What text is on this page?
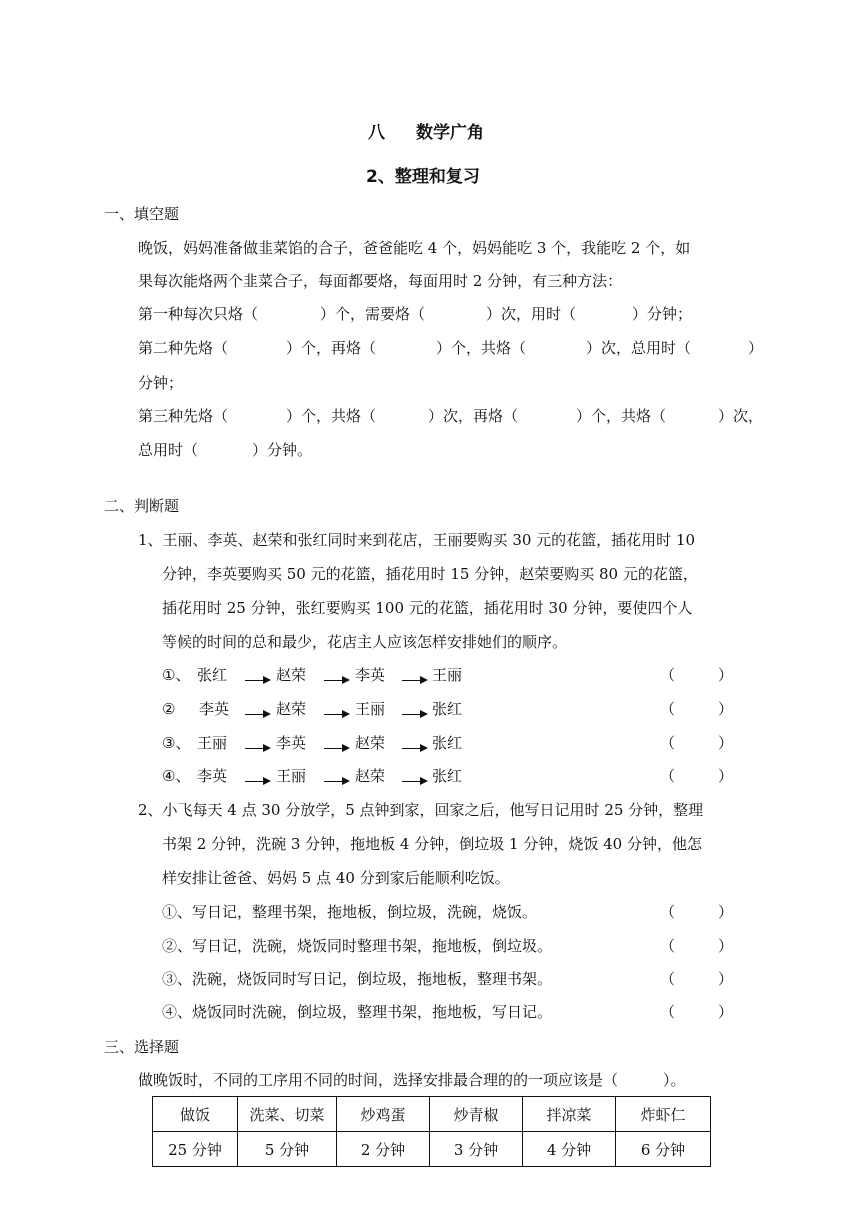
八 数学广角
2、整理和复习
一、填空题
晚饭，妈妈准备做韭菜馅的合子，爸爸能吃 4 个，妈妈能吃 3 个，我能吃 2 个，如
果每次能烙两个韭菜合子，每面都要烙，每面用时 2 分钟，有三种方法：
第一种每次只烙（	）个，需要烙（	）次，用时（	）分钟；
第二种先烙（	）个，再烙（	）个，共烙（	）次，总用时（	）
分钟；
第三种先烙（	）个，共烙（	）次，再烙（	）个，共烙（	）次，
总用时（	）分钟。
二、判断题
1、王丽、李英、赵荣和张红同时来到花店，王丽要购买 30 元的花篮，插花用时 10
分钟，李英要购买 50 元的花篮，插花用时 15 分钟，赵荣要购买 80 元的花篮，
插花用时 25 分钟，张红要购买 100 元的花篮，插花用时 30 分钟，要使四个人
等候的时间的总和最少，花店主人应该怎样安排她们的顺序。
①、 张红	赵荣	李英	王丽	（	）
②　 李英	赵荣	王丽	张红	（	）
③、 王丽	李英	赵荣	张红	（	）
④、 李英	王丽	赵荣	张红	（	）
2、小飞每天 4 点 30 分放学，5 点钟到家，回家之后，他写日记用时 25 分钟，整理
书架 2 分钟，洗碗 3 分钟，拖地板 4 分钟，倒垃圾 1 分钟，烧饭 40 分钟，他怎
样安排让爸爸、妈妈 5 点 40 分到家后能顺利吃饭。
①、写日记，整理书架，拖地板，倒垃圾，洗碗，烧饭。	（	）
②、写日记，洗碗，烧饭同时整理书架，拖地板，倒垃圾。	（	）
③、洗碗，烧饭同时写日记，倒垃圾，拖地板，整理书架。	（	）
④、烧饭同时洗碗，倒垃圾，整理书架，拖地板，写日记。	（	）
三、选择题
做晚饭时，不同的工序用不同的时间，选择安排最合理的的一项应该是（　　　）。
做饭	洗菜、切菜	炒鸡蛋	炒青椒	拌凉菜	炸虾仁
25 分钟	5 分钟	2 分钟	3 分钟	4 分钟	6 分钟
